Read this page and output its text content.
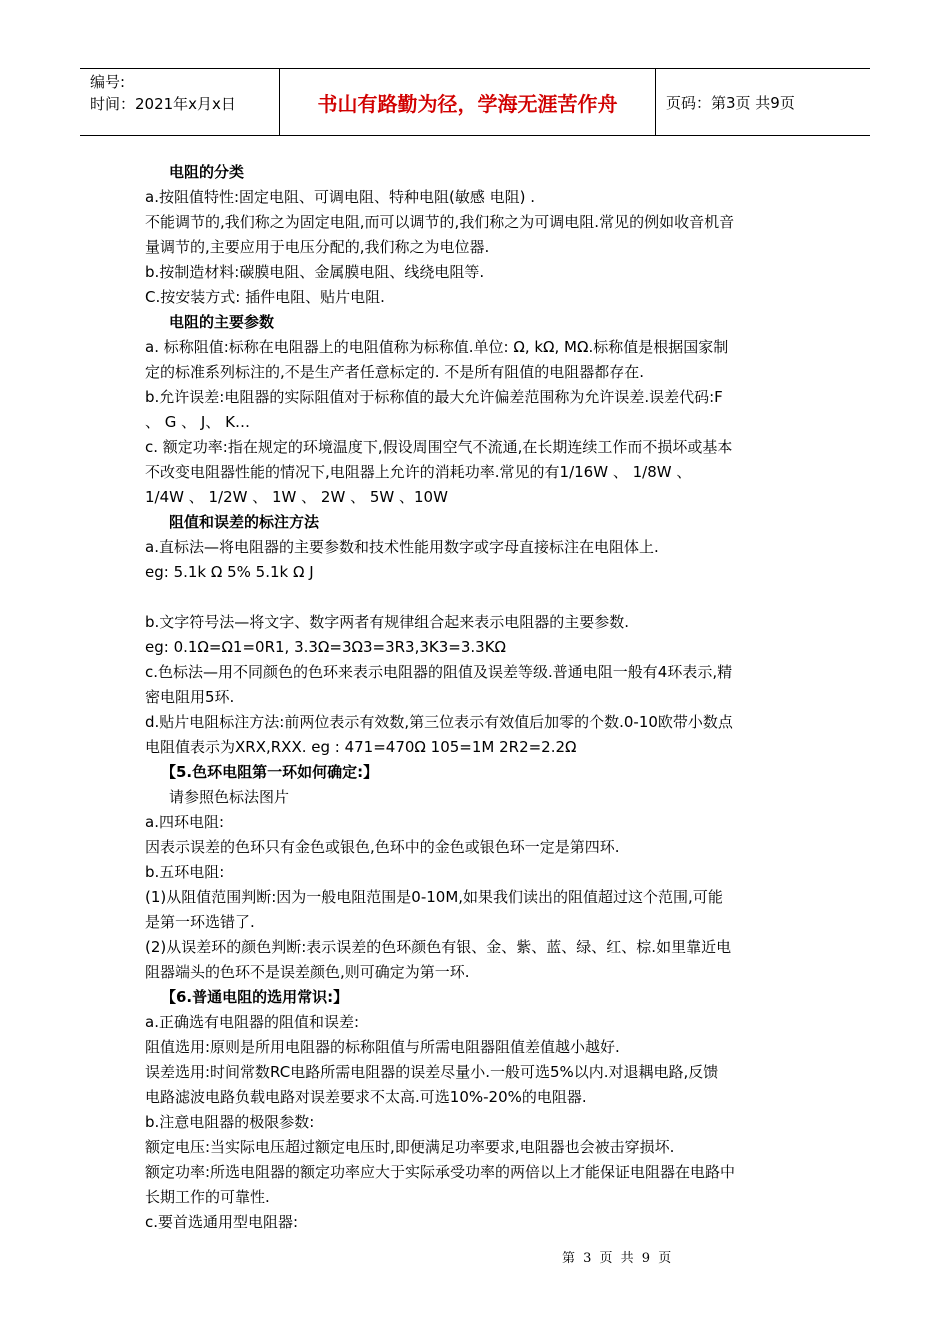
编号:
时间：2021年x月x日	书山有路勤为径，学海无涯苦作舟	页码：第3页 共9页
电阻的分类
a.按阻值特性:固定电阻、可调电阻、特种电阻(敏感 电阻) .
不能调节的,我们称之为固定电阻,而可以调节的,我们称之为可调电阻.常见的例如收音机音
量调节的,主要应用于电压分配的,我们称之为电位器.
b.按制造材料:碳膜电阻、金属膜电阻、线绕电阻等.
C.按安装方式: 插件电阻、贴片电阻.
电阻的主要参数
a. 标称阻值:标称在电阻器上的电阻值称为标称值.单位: Ω, kΩ, MΩ.标称值是根据国家制
定的标准系列标注的,不是生产者任意标定的. 不是所有阻值的电阻器都存在.
b.允许误差:电阻器的实际阻值对于标称值的最大允许偏差范围称为允许误差.误差代码:F
、 G 、 J、 K…
c. 额定功率:指在规定的环境温度下,假设周围空气不流通,在长期连续工作而不损坏或基本
不改变电阻器性能的情况下,电阻器上允许的消耗功率.常见的有1/16W 、 1/8W 、
1/4W 、 1/2W 、 1W 、 2W 、 5W 、10W
阻值和误差的标注方法
a.直标法—将电阻器的主要参数和技术性能用数字或字母直接标注在电阻体上.
eg: 5.1k Ω 5% 5.1k Ω J
b.文字符号法—将文字、数字两者有规律组合起来表示电阻器的主要参数.
eg: 0.1Ω=Ω1=0R1, 3.3Ω=3Ω3=3R3,3K3=3.3KΩ
c.色标法—用不同颜色的色环来表示电阻器的阻值及误差等级.普通电阻一般有4环表示,精
密电阻用5环.
d.贴片电阻标注方法:前两位表示有效数,第三位表示有效值后加零的个数.0-10欧带小数点
电阻值表示为XRX,RXX. eg : 471=470Ω 105=1M 2R2=2.2Ω
【5.色环电阻第一环如何确定:】
请参照色标法图片
a.四环电阻:
因表示误差的色环只有金色或银色,色环中的金色或银色环一定是第四环.
b.五环电阻:
(1)从阻值范围判断:因为一般电阻范围是0-10M,如果我们读出的阻值超过这个范围,可能
是第一环选错了.
(2)从误差环的颜色判断:表示误差的色环颜色有银、金、紫、蓝、绿、红、棕.如里靠近电
阻器端头的色环不是误差颜色,则可确定为第一环.
【6.普通电阻的选用常识:】
a.正确选有电阻器的阻值和误差:
阻值选用:原则是所用电阻器的标称阻值与所需电阻器阻值差值越小越好.
误差选用:时间常数RC电路所需电阻器的误差尽量小.一般可选5%以内.对退耦电路,反馈
电路滤波电路负载电路对误差要求不太高.可选10%-20%的电阻器.
b.注意电阻器的极限参数:
额定电压:当实际电压超过额定电压时,即便满足功率要求,电阻器也会被击穿损坏.
额定功率:所选电阻器的额定功率应大于实际承受功率的两倍以上才能保证电阻器在电路中
长期工作的可靠性.
c.要首选通用型电阻器:
第 3 页 共 9 页
